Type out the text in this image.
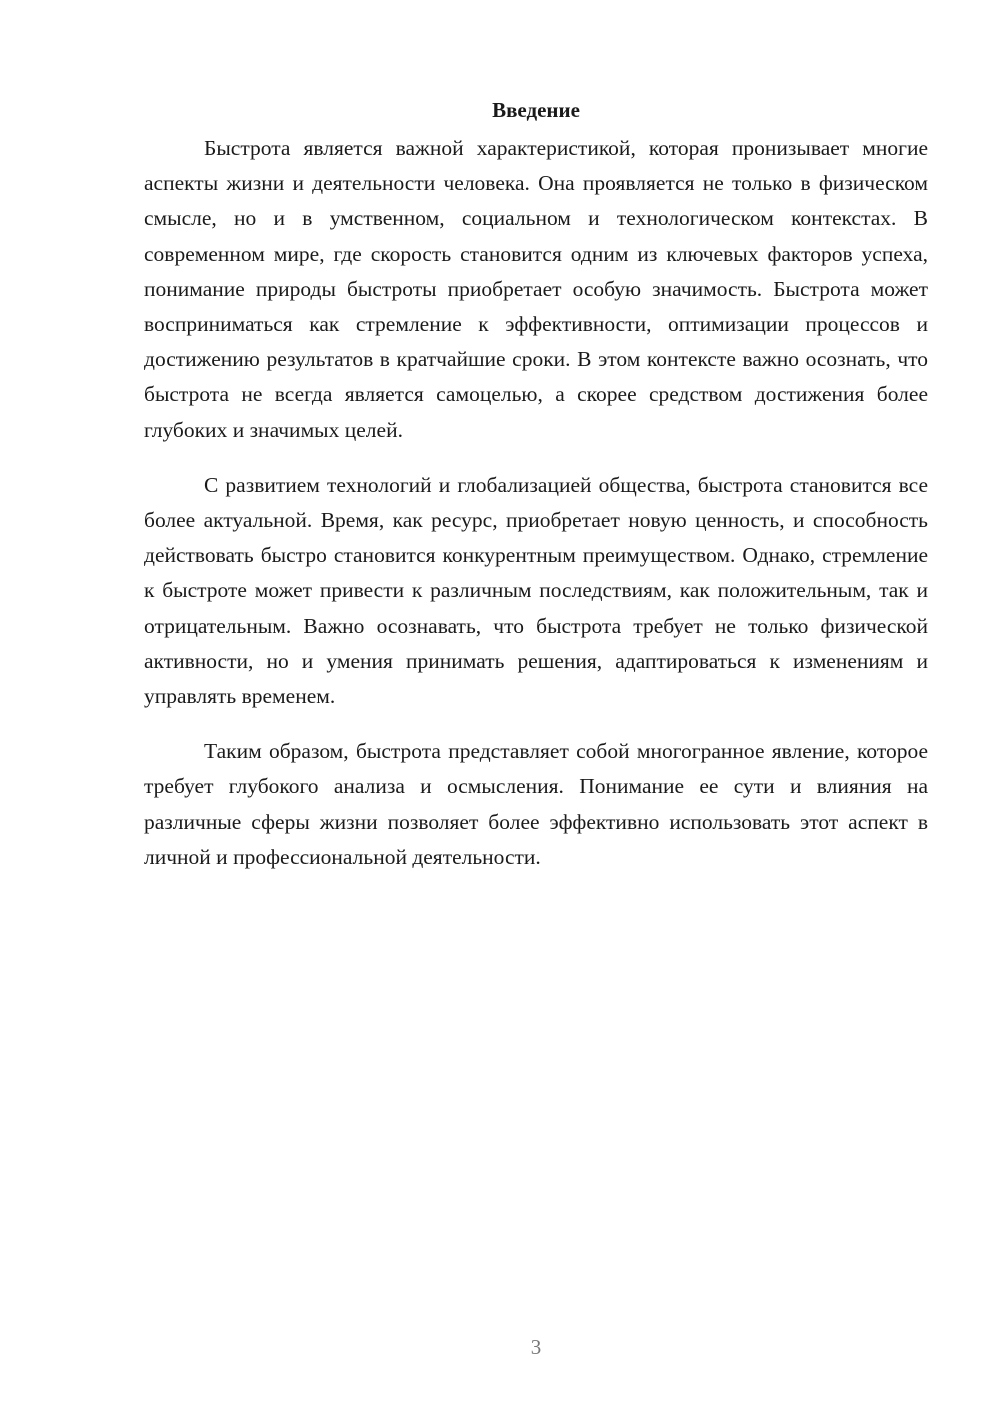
Введение

Быстрота является важной характеристикой, которая пронизывает многие аспекты жизни и деятельности человека. Она проявляется не только в физическом смысле, но и в умственном, социальном и технологическом контекстах. В современном мире, где скорость становится одним из ключевых факторов успеха, понимание природы быстроты приобретает особую значимость. Быстрота может восприниматься как стремление к эффективности, оптимизации процессов и достижению результатов в кратчайшие сроки. В этом контексте важно осознать, что быстрота не всегда является самоцелью, а скорее средством достижения более глубоких и значимых целей.

С развитием технологий и глобализацией общества, быстрота становится все более актуальной. Время, как ресурс, приобретает новую ценность, и способность действовать быстро становится конкурентным преимуществом. Однако, стремление к быстроте может привести к различным последствиям, как положительным, так и отрицательным. Важно осознавать, что быстрота требует не только физической активности, но и умения принимать решения, адаптироваться к изменениям и управлять временем.

Таким образом, быстрота представляет собой многогранное явление, которое требует глубокого анализа и осмысления. Понимание ее сути и влияния на различные сферы жизни позволяет более эффективно использовать этот аспект в личной и профессиональной деятельности.

3
